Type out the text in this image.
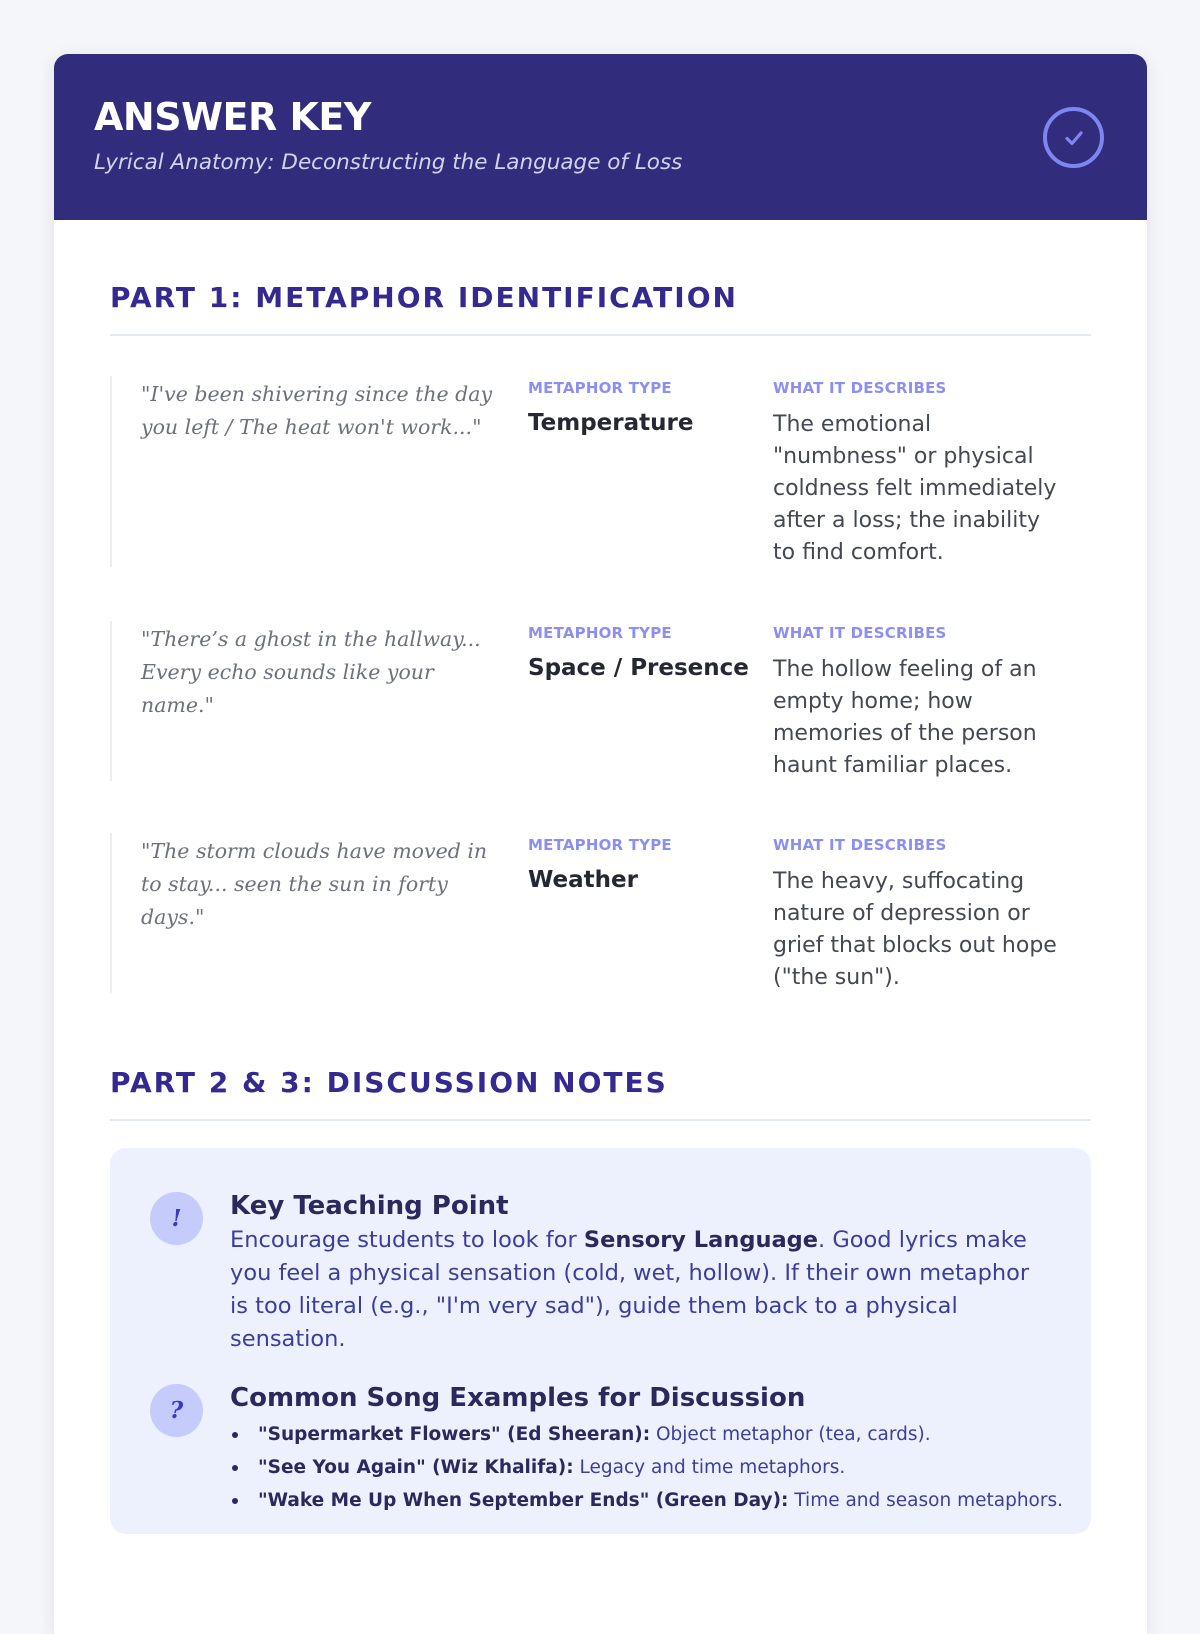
ANSWER KEY
Lyrical Anatomy: Deconstructing the Language of Loss
PART 1: METAPHOR IDENTIFICATION
"I've been shivering since the day you left / The heat won't work..."
METAPHOR TYPE
Temperature
WHAT IT DESCRIBES
The emotional "numbness" or physical coldness felt immediately after a loss; the inability to find comfort.
"There’s a ghost in the hallway... Every echo sounds like your name."
METAPHOR TYPE
Space / Presence
WHAT IT DESCRIBES
The hollow feeling of an empty home; how memories of the person haunt familiar places.
"The storm clouds have moved in to stay... seen the sun in forty days."
METAPHOR TYPE
Weather
WHAT IT DESCRIBES
The heavy, suffocating nature of depression or grief that blocks out hope ("the sun").
PART 2 & 3: DISCUSSION NOTES
!	Key Teaching Point
Encourage students to look for Sensory Language. Good lyrics make you feel a physical sensation (cold, wet, hollow). If their own metaphor is too literal (e.g., "I'm very sad"), guide them back to a physical sensation.
?	Common Song Examples for Discussion
"Supermarket Flowers" (Ed Sheeran): Object metaphor (tea, cards).
"See You Again" (Wiz Khalifa): Legacy and time metaphors.
"Wake Me Up When September Ends" (Green Day): Time and season metaphors.
